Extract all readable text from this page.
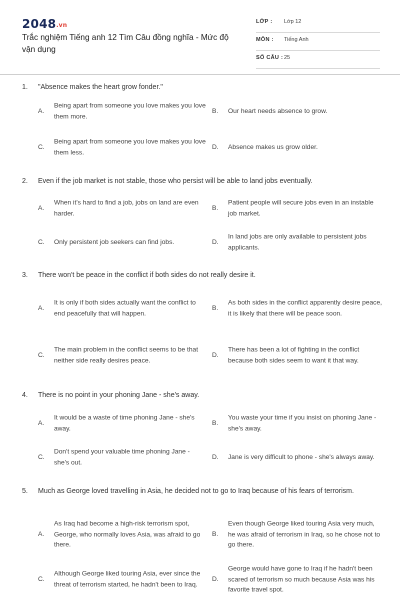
2048.vn
Trắc nghiệm Tiếng anh 12 Tìm Câu đồng nghĩa - Mức độ vận dụng
LỚP : Lớp 12
MÔN : Tiếng Anh
SỐ CÂU : 25
1. "Absence makes the heart grow fonder."
A.
Being apart from someone you love makes you love them more.
B. Our heart needs absence to grow.
C.
Being apart from someone you love makes you love them less.
D. Absence makes us grow older.
2. Even if the job market is not stable, those who persist will be able to land jobs eventually.
A.
When it's hard to find a job, jobs on land are even harder.
B.
Patient people will secure jobs even in an instable job market.
C. Only persistent job seekers can find jobs.	D.
In land jobs are only available to persistent jobs applicants.
3. There won't be peace in the conflict if both sides do not really desire it.
A.
It is only if both sides actually want the conflict to end peacefully that will happen.
B.
As both sides in the conflict apparently desire peace, it is likely that there will be peace soon.
C.
The main problem in the conflict seems to be that neither side really desires peace.
D.
There has been a lot of fighting in the conflict because both sides seem to want it that way.
4. There is no point in your phoning Jane - she's away.
A.
It would be a waste of time phoning Jane - she's away.
B.
You waste your time if you insist on phoning Jane - she's away.
C.
Don't spend your valuable time phoning Jane - she's out.
D. Jane is very difficult to phone - she's always away.
5. Much as George loved travelling in Asia, he decided not to go to Iraq because of his fears of terrorism.
A.
As Iraq had become a high-risk terrorism spot, George, who normally loves Asia, was afraid to go there.
B.
Even though George liked touring Asia very much, he was afraid of terrorism in Iraq, so he chose not to go there.
C.
Although George liked touring Asia, ever since the threat of terrorism started, he hadn't been to Iraq.
D.
George would have gone to Iraq if he hadn't been scared of terrorism so much because Asia was his favorite travel spot.
